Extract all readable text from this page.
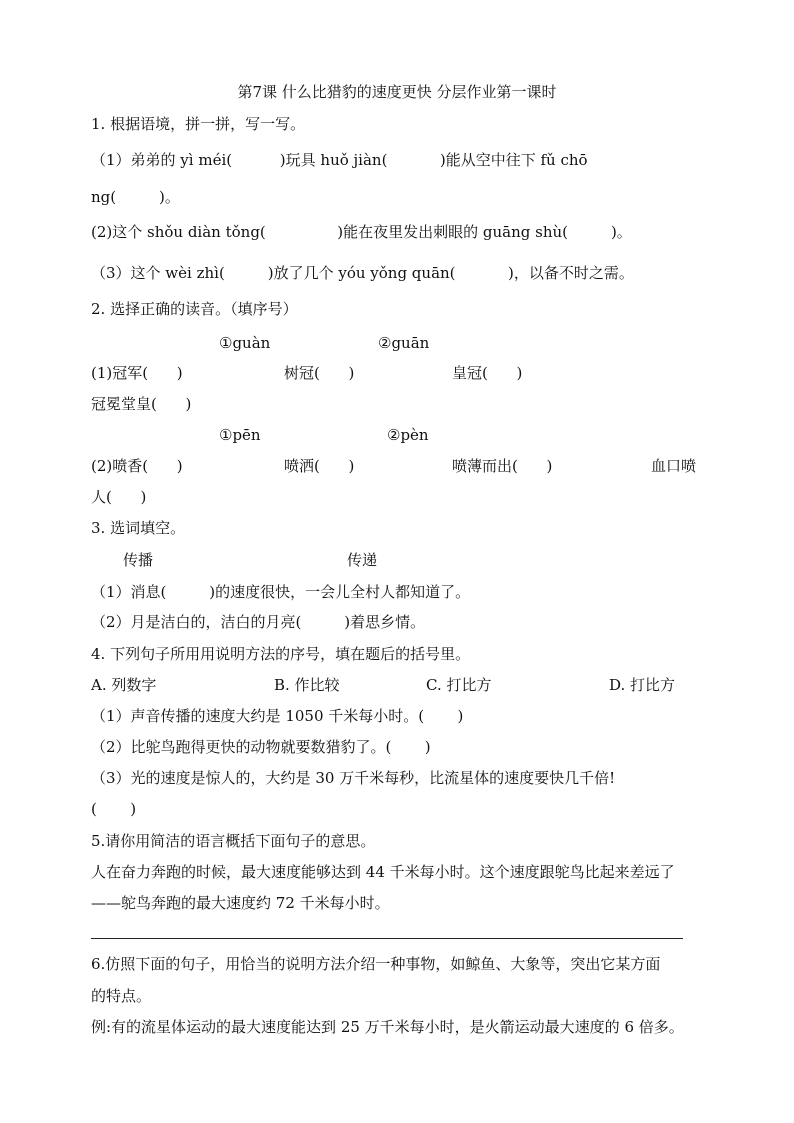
第7课 什么比猎豹的速度更快 分层作业第一课时
1. 根据语境，拼一拼，写一写。
（1）弟弟的 yì méi(          )玩具 huǒ jiàn(           )能从空中往下 fǔ chō
ng(         )。
(2)这个 shǒu diàn tǒng(               )能在夜里发出刺眼的 guāng shù(         )。
（3）这个 wèi zhì(         )放了几个 yóu yǒng quān(           )，以备不时之需。
2. 选择正确的读音。（填序号）
①guàn	②guān
(1)冠军(      )	树冠(      )	皇冠(      )
冠冕堂皇(      )
①pēn	②pèn
(2)喷香(      )	喷洒(      )	喷薄而出(      )	血口喷
人(      )
3. 选词填空。
传播	传递
（1）消息(         )的速度很快，一会儿全村人都知道了。
（2）月是洁白的，洁白的月亮(         )着思乡情。
4. 下列句子所用用说明方法的序号，填在题后的括号里。
A. 列数字	B. 作比较	C. 打比方	D. 打比方
（1）声音传播的速度大约是 1050 千米每小时。(       )
（2）比鸵鸟跑得更快的动物就要数猎豹了。(       )
（3）光的速度是惊人的，大约是 30 万千米每秒，比流星体的速度要快几千倍!
(       )
5.请你用简洁的语言概括下面句子的意思。
人在奋力奔跑的时候，最大速度能够达到 44 千米每小时。这个速度跟鸵鸟比起来差远了
——鸵鸟奔跑的最大速度约 72 千米每小时。
6.仿照下面的句子，用恰当的说明方法介绍一种事物，如鲸鱼、大象等，突出它某方面
的特点。
例:有的流星体运动的最大速度能达到 25 万千米每小时，是火箭运动最大速度的 6 倍多。
